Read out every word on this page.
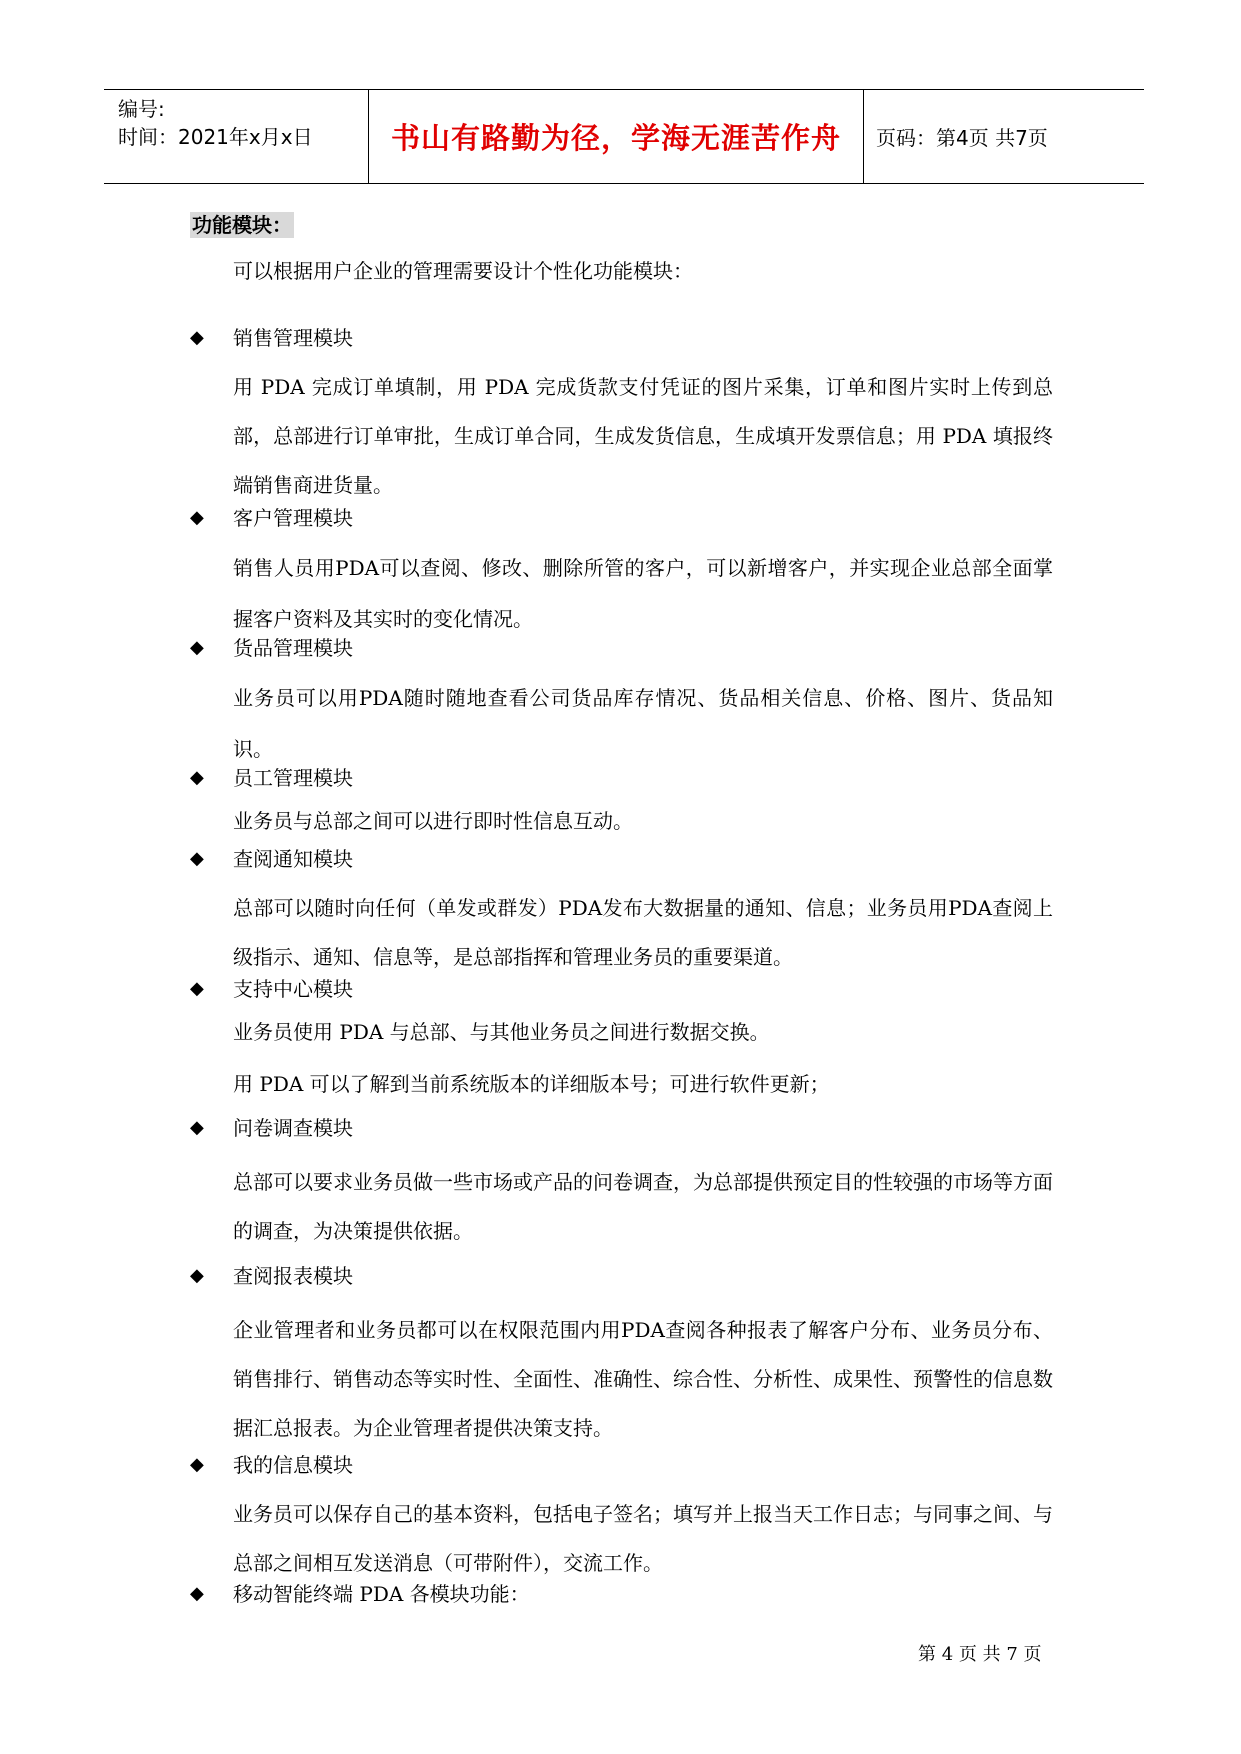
编号:
时间：2021年x月x日	书山有路勤为径，学海无涯苦作舟 页码：第4页 共7页
功能模块：
可以根据用户企业的管理需要设计个性化功能模块：
◆ 销售管理模块
用 PDA 完成订单填制，用 PDA 完成货款支付凭证的图片采集，订单和图片实时上传到总部，总部进行订单审批，生成订单合同，生成发货信息，生成填开发票信息；用 PDA 填报终端销售商进货量。
◆ 客户管理模块
销售人员用PDA可以查阅、修改、删除所管的客户，可以新增客户，并实现企业总部全面掌握客户资料及其实时的变化情况。
◆ 货品管理模块
业务员可以用PDA随时随地查看公司货品库存情况、货品相关信息、价格、图片、货品知识。
◆ 员工管理模块
业务员与总部之间可以进行即时性信息互动。
◆ 查阅通知模块
总部可以随时向任何（单发或群发）PDA发布大数据量的通知、信息；业务员用PDA查阅上级指示、通知、信息等，是总部指挥和管理业务员的重要渠道。
◆ 支持中心模块
业务员使用 PDA 与总部、与其他业务员之间进行数据交换。
用 PDA 可以了解到当前系统版本的详细版本号；可进行软件更新；
◆ 问卷调查模块
总部可以要求业务员做一些市场或产品的问卷调查，为总部提供预定目的性较强的市场等方面的调查，为决策提供依据。
◆ 查阅报表模块
企业管理者和业务员都可以在权限范围内用PDA查阅各种报表了解客户分布、业务员分布、销售排行、销售动态等实时性、全面性、准确性、综合性、分析性、成果性、预警性的信息数据汇总报表。为企业管理者提供决策支持。
◆ 我的信息模块
业务员可以保存自己的基本资料，包括电子签名；填写并上报当天工作日志；与同事之间、与总部之间相互发送消息（可带附件），交流工作。
◆ 移动智能终端 PDA 各模块功能：
第 4 页 共 7 页
